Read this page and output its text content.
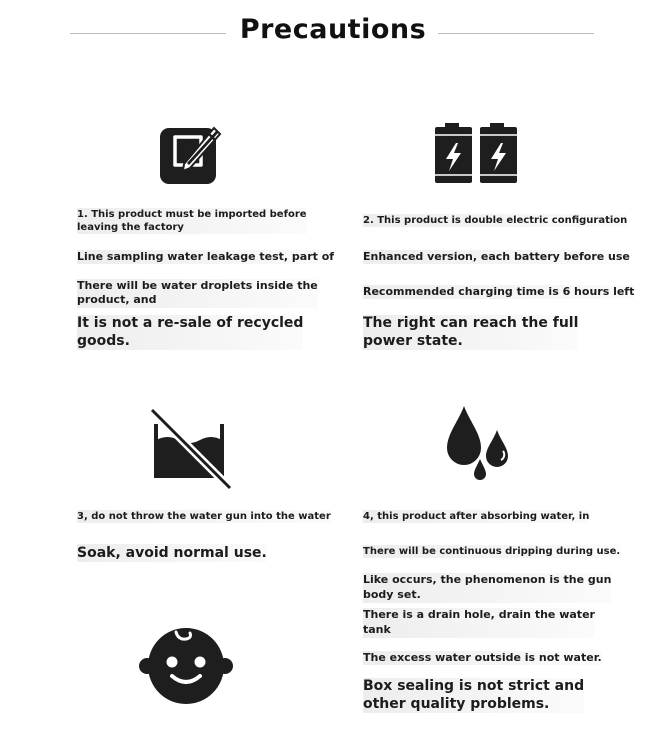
Precautions
1. This product must be imported before
leaving the factory
Line sampling water leakage test, part of
There will be water droplets inside the
product, and
It is not a re-sale of recycled
goods.
2. This product is double electric configuration
Enhanced version, each battery before use
Recommended charging time is 6 hours left
The right can reach the full
power state.
3, do not throw the water gun into the water
Soak, avoid normal use.
4, this product after absorbing water, in
There will be continuous dripping during use.
Like occurs, the phenomenon is the gun
body set.
There is a drain hole, drain the water
tank
The excess water outside is not water.
Box sealing is not strict and
other quality problems.
